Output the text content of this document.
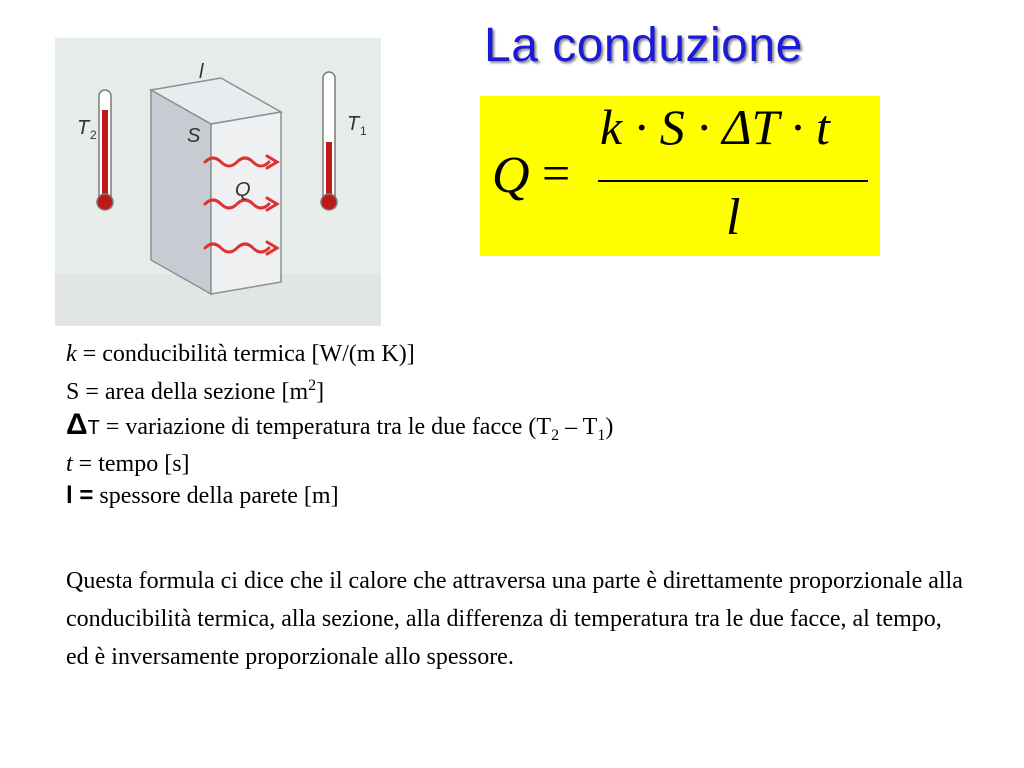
La conduzione
T 2	T 1
l
S
Q	Q =
k · S · ΔT · t
l
k = conducibilità termica [W/(m K)]
S = area della sezione $[m^2]$
ΔT = variazione di temperatura tra le due facce $(T_2 - T_1)$
t = tempo [s]
l = spessore della parete [m]
Questa formula ci dice che il calore che attraversa una parte è direttamente proporzionale alla conducibilità termica, alla sezione, alla differenza di temperatura tra le due facce, al tempo, ed è inversamente proporzionale allo spessore.
